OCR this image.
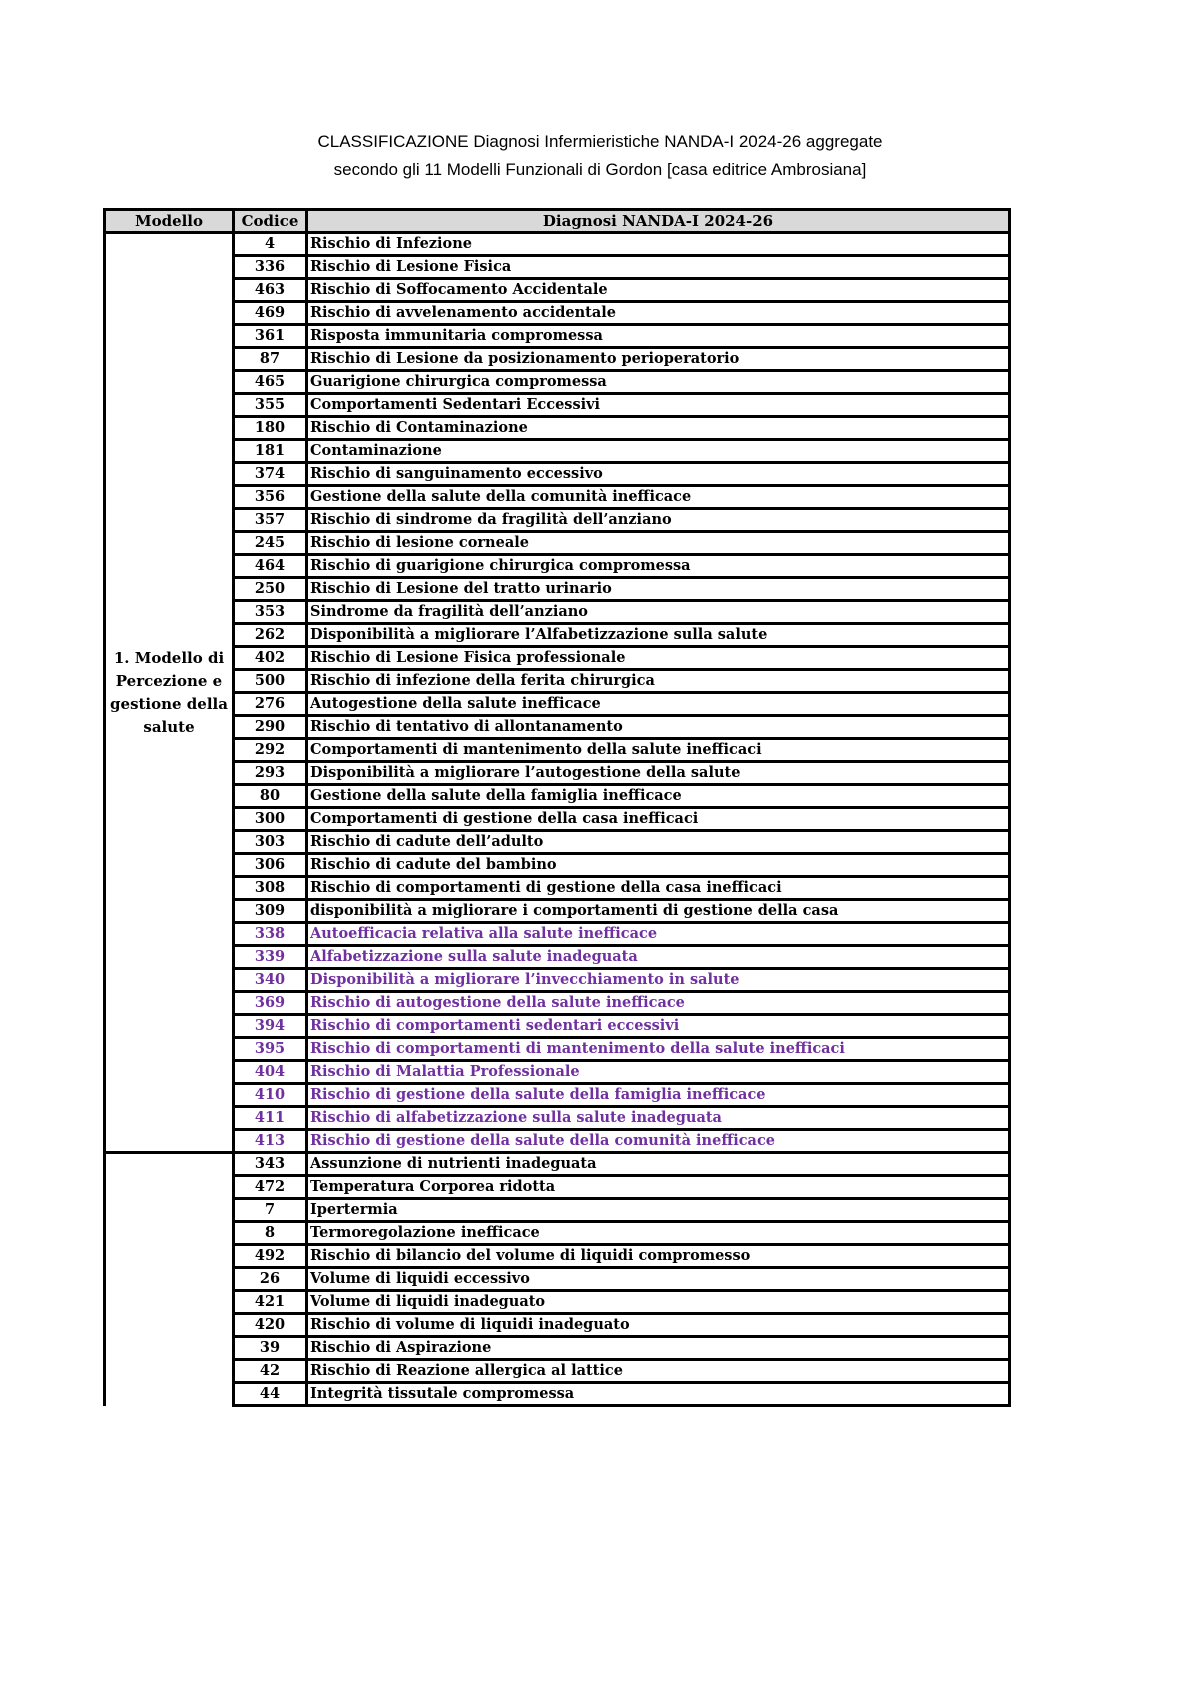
CLASSIFICAZIONE Diagnosi Infermieristiche NANDA-I 2024-26 aggregate
secondo gli 11 Modelli Funzionali di Gordon [casa editrice Ambrosiana]
Modello	Codice	Diagnosi NANDA-I 2024-26
1. Modello di Percezione e gestione della salute	4	Rischio di Infezione
	336	Rischio di Lesione Fisica
	463	Rischio di Soffocamento Accidentale
	469	Rischio di avvelenamento accidentale
	361	Risposta immunitaria compromessa
	87	Rischio di Lesione da posizionamento perioperatorio
	465	Guarigione chirurgica compromessa
	355	Comportamenti Sedentari Eccessivi
	180	Rischio di Contaminazione
	181	Contaminazione
	374	Rischio di sanguinamento eccessivo
	356	Gestione della salute della comunità inefficace
	357	Rischio di sindrome da fragilità dell’anziano
	245	Rischio di lesione corneale
	464	Rischio di guarigione chirurgica compromessa
	250	Rischio di Lesione del tratto urinario
	353	Sindrome da fragilità dell’anziano
	262	Disponibilità a migliorare l’Alfabetizzazione sulla salute
	402	Rischio di Lesione Fisica professionale
	500	Rischio di infezione della ferita chirurgica
	276	Autogestione della salute inefficace
	290	Rischio di tentativo di allontanamento
	292	Comportamenti di mantenimento della salute inefficaci
	293	Disponibilità a migliorare l’autogestione della salute
	80	Gestione della salute della famiglia inefficace
	300	Comportamenti di gestione della casa inefficaci
	303	Rischio di cadute dell’adulto
	306	Rischio di cadute del bambino
	308	Rischio di comportamenti di gestione della casa inefficaci
	309	disponibilità a migliorare i comportamenti di gestione della casa
	338	Autoefficacia relativa alla salute inefficace
	339	Alfabetizzazione sulla salute inadeguata
	340	Disponibilità a migliorare l’invecchiamento in salute
	369	Rischio di autogestione della salute inefficace
	394	Rischio di comportamenti sedentari eccessivi
	395	Rischio di comportamenti di mantenimento della salute inefficaci
	404	Rischio di Malattia Professionale
	410	Rischio di gestione della salute della famiglia inefficace
	411	Rischio di alfabetizzazione sulla salute inadeguata
	413	Rischio di gestione della salute della comunità inefficace
	343	Assunzione di nutrienti inadeguata
	472	Temperatura Corporea ridotta
	7	Ipertermia
	8	Termoregolazione inefficace
	492	Rischio di bilancio del volume di liquidi compromesso
	26	Volume di liquidi eccessivo
	421	Volume di liquidi inadeguato
	420	Rischio di volume di liquidi inadeguato
	39	Rischio di Aspirazione
	42	Rischio di Reazione allergica al lattice
	44	Integrità tissutale compromessa
